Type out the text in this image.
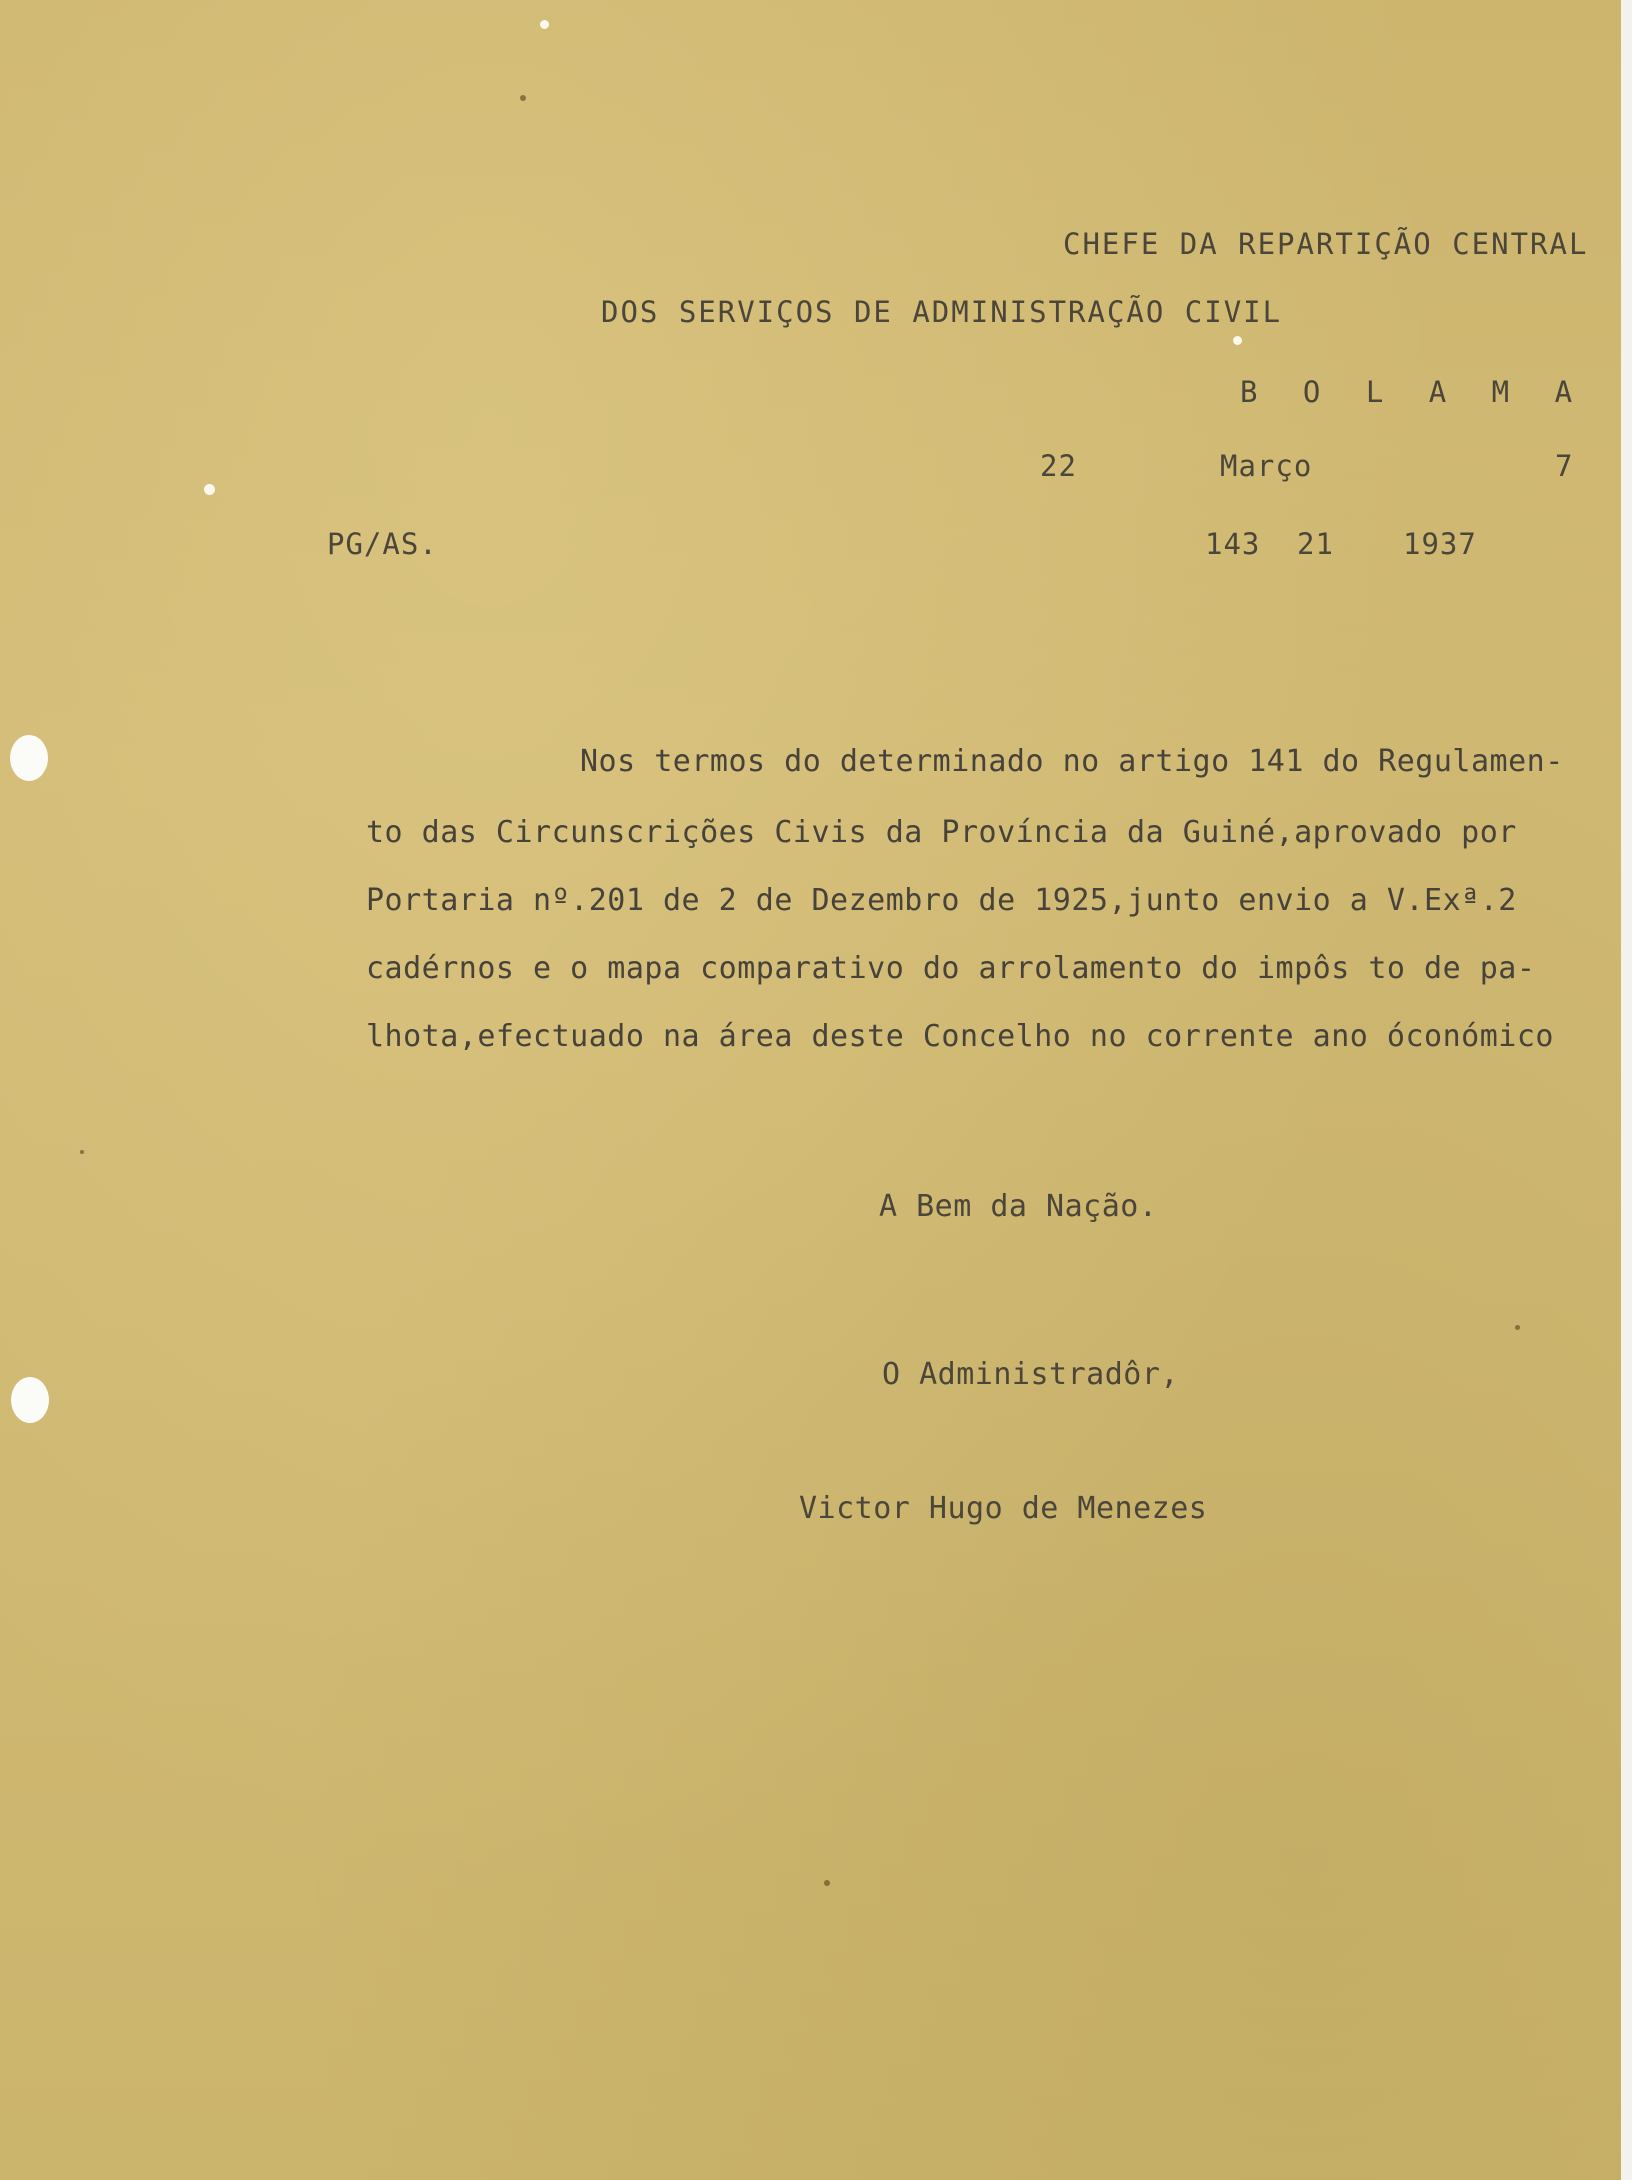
CHEFE DA REPARTIÇÃO CENTRAL

DOS SERVIÇOS DE ADMINISTRAÇÃO CIVIL

B O L A M A

22	Março	7

PG/AS.	143 21 1937

Nos termos do determinado no artigo 141 do Regulamen-

to das Circunscrições Civis da Província da Guiné,aprovado por

Portaria nº.201 de 2 de Dezembro de 1925,junto envio a V.Exª.2

cadérnos e o mapa comparativo do arrolamento do impôs to de pa-

lhota,efectuado na área deste Concelho no corrente ano óconómico

A Bem da Nação.

O Administradôr,

Victor Hugo de Menezes
